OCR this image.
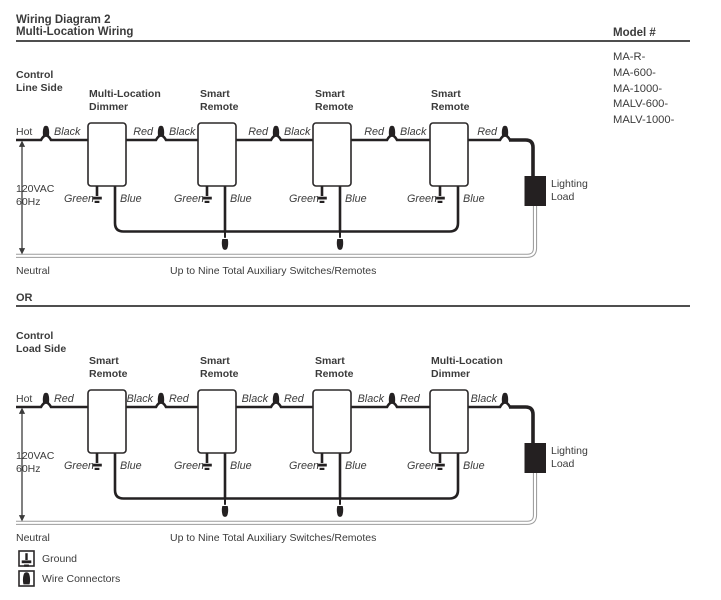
Wiring Diagram 2
Multi-Location Wiring	Model #
MA-R-
MA-600-
MA-1000-
MALV-600-
MALV-1000-
Control
Line Side
Hot
120VAC
60Hz
Neutral	Up to Nine Total Auxiliary Switches/Remotes
Lighting
Load
Multi-Location
Dimmer
Smart
Remote
Smart
Remote
Smart
Remote
Black	Red Black	Red Black	Red Black	Red
Green Blue	Green Blue	Green Blue	Green Blue
OR
Control
Load Side
Hot
120VAC
60Hz
Neutral	Up to Nine Total Auxiliary Switches/Remotes
Lighting
Load
Smart
Remote
Smart
Remote
Smart
Remote
Multi-Location
Dimmer
Red	Black Red	Black Red	Black Red	Black
Green Blue	Green Blue	Green Blue	Green Blue
Ground
Wire Connectors
